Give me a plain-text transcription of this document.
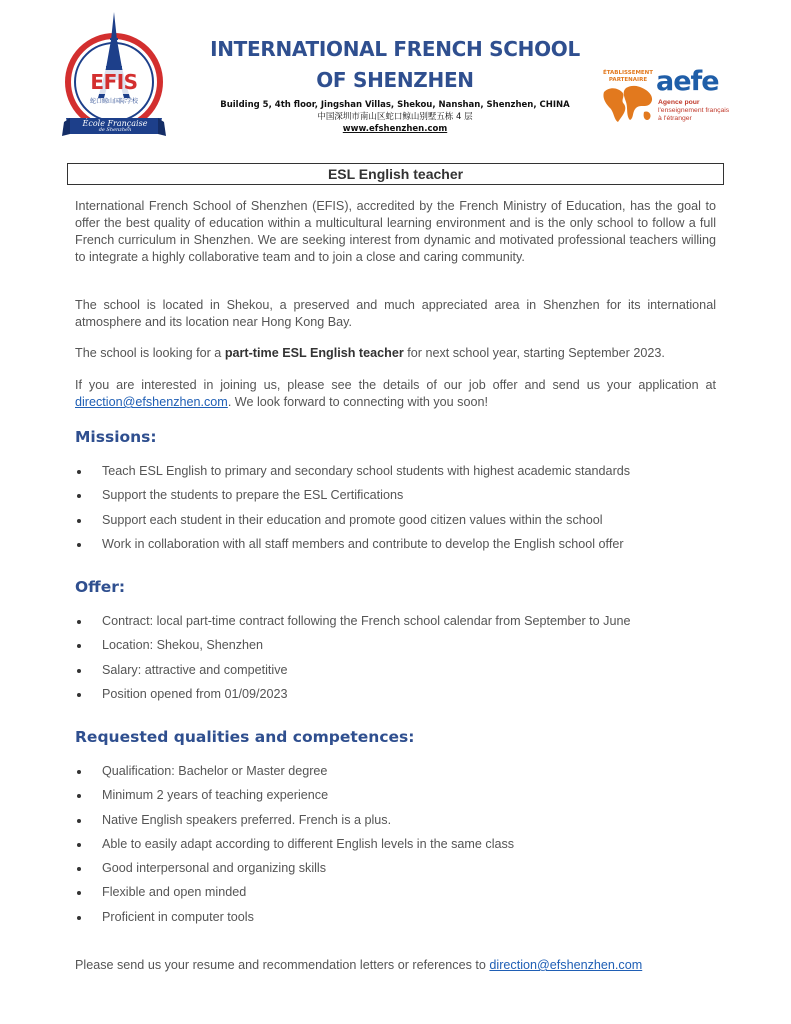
EFIS
蛇口鲸山国际学校
École Française
de Shenzhen
INTERNATIONAL FRENCH SCHOOL
OF SHENZHEN
Building 5, 4th floor, Jingshan Villas, Shekou, Nanshan, Shenzhen, CHINA
中国深圳市南山区蛇口鲸山别墅五栋 4 层
www.efshenzhen.com
ÉTABLISSEMENT
PARTENAIRE aefe
Agence pour
l'enseignement français
à l'étranger
ESL English teacher

International French School of Shenzhen (EFIS), accredited by the French Ministry of Education, has the goal to offer the best quality of education within a multicultural learning environment and is the only school to follow a full French curriculum in Shenzhen. We are seeking interest from dynamic and motivated professional teachers willing to integrate a highly collaborative team and to join a close and caring community.

The school is located in Shekou, a preserved and much appreciated area in Shenzhen for its international atmosphere and its location near Hong Kong Bay.

The school is looking for a part-time ESL English teacher for next school year, starting September 2023.

If you are interested in joining us, please see the details of our job offer and send us your application at direction@efshenzhen.com. We look forward to connecting with you soon!

Missions:
Teach ESL English to primary and secondary school students with highest academic standards
Support the students to prepare the ESL Certifications
Support each student in their education and promote good citizen values within the school
Work in collaboration with all staff members and contribute to develop the English school offer
Offer:
Contract: local part-time contract following the French school calendar from September to June
Location: Shekou, Shenzhen
Salary: attractive and competitive
Position opened from 01/09/2023
Requested qualities and competences:
Qualification: Bachelor or Master degree
Minimum 2 years of teaching experience
Native English speakers preferred. French is a plus.
Able to easily adapt according to different English levels in the same class
Good interpersonal and organizing skills
Flexible and open minded
Proficient in computer tools

Please send us your resume and recommendation letters or references to direction@efshenzhen.com
